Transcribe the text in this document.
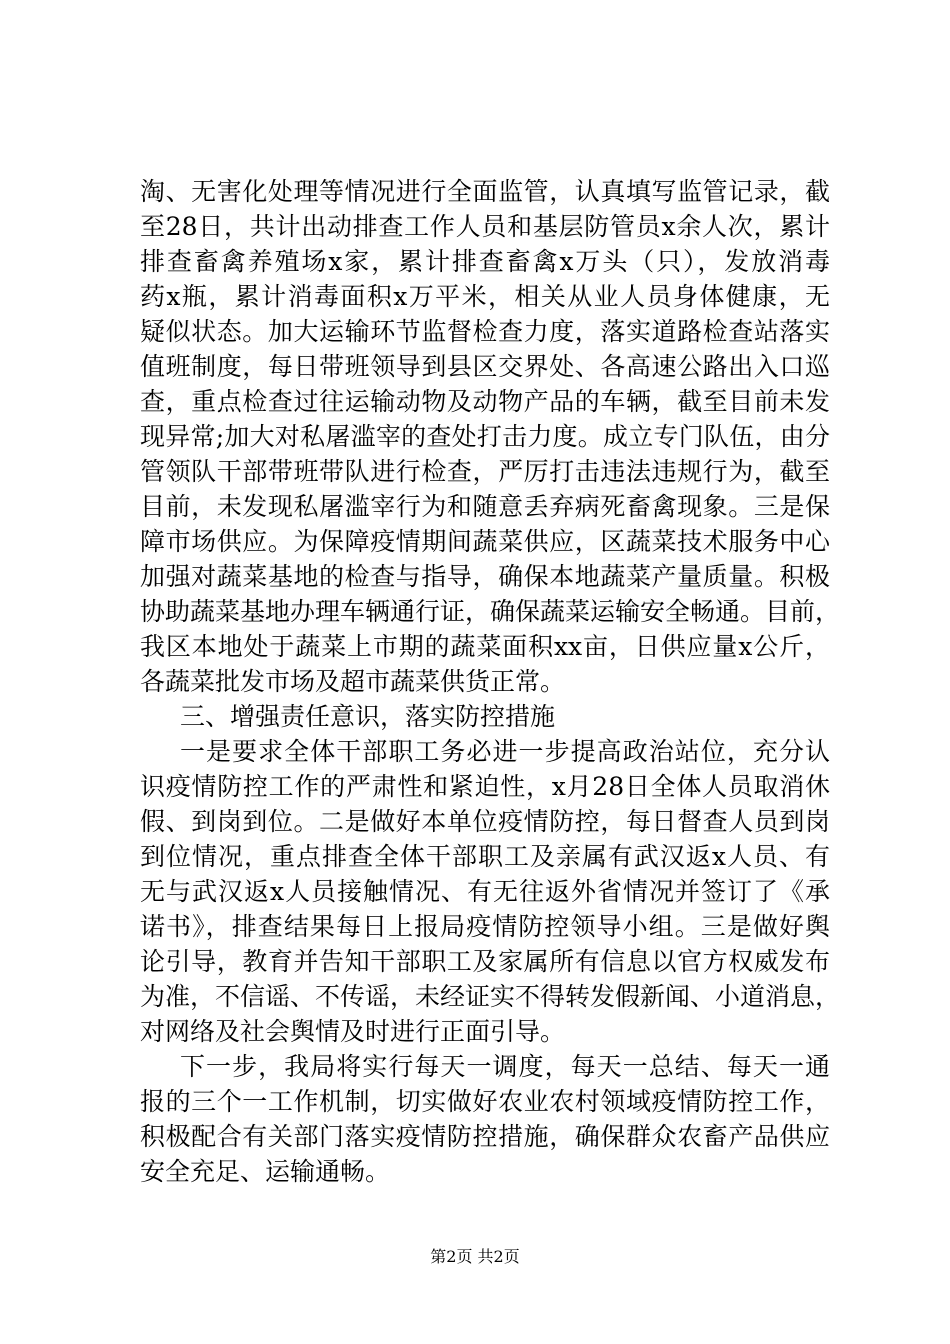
淘、无害化处理等情况进行全面监管，认真填写监管记录，截
至28日，共计出动排查工作人员和基层防管员x余人次，累计
排查畜禽养殖场x家，累计排查畜禽x万头（只），发放消毒
药x瓶，累计消毒面积x万平米，相关从业人员身体健康，无
疑似状态。加大运输环节监督检查力度，落实道路检查站落实
值班制度，每日带班领导到县区交界处、各高速公路出入口巡
查，重点检查过往运输动物及动物产品的车辆，截至目前未发
现异常;加大对私屠滥宰的查处打击力度。成立专门队伍，由分
管领队干部带班带队进行检查，严厉打击违法违规行为，截至
目前，未发现私屠滥宰行为和随意丢弃病死畜禽现象。三是保
障市场供应。为保障疫情期间蔬菜供应，区蔬菜技术服务中心
加强对蔬菜基地的检查与指导，确保本地蔬菜产量质量。积极
协助蔬菜基地办理车辆通行证，确保蔬菜运输安全畅通。目前，
我区本地处于蔬菜上市期的蔬菜面积xx亩，日供应量x公斤，
各蔬菜批发市场及超市蔬菜供货正常。
三、增强责任意识，落实防控措施
一是要求全体干部职工务必进一步提高政治站位，充分认
识疫情防控工作的严肃性和紧迫性，x月28日全体人员取消休
假、到岗到位。二是做好本单位疫情防控，每日督查人员到岗
到位情况，重点排查全体干部职工及亲属有武汉返x人员、有
无与武汉返x人员接触情况、有无往返外省情况并签订了《承
诺书》，排查结果每日上报局疫情防控领导小组。三是做好舆
论引导，教育并告知干部职工及家属所有信息以官方权威发布
为准，不信谣、不传谣，未经证实不得转发假新闻、小道消息，
对网络及社会舆情及时进行正面引导。
下一步，我局将实行每天一调度，每天一总结、每天一通
报的三个一工作机制，切实做好农业农村领域疫情防控工作，
积极配合有关部门落实疫情防控措施，确保群众农畜产品供应
安全充足、运输通畅。
第2页 共2页
